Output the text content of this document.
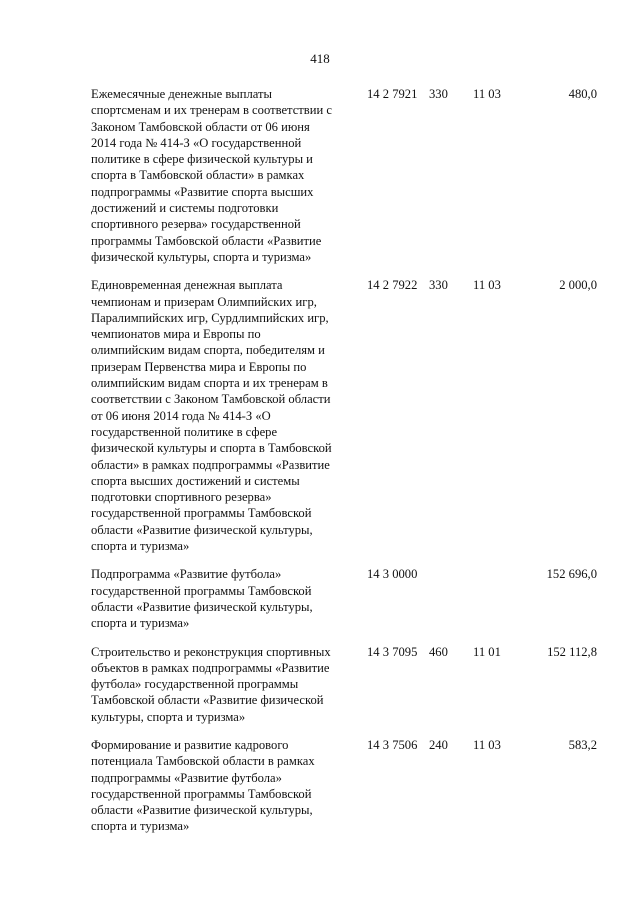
418
Ежемесячные денежные выплаты
спортсменам и их тренерам в соответствии с
Законом Тамбовской области от 06 июня
2014 года № 414-З «О государственной
политике в сфере физической культуры и
спорта в Тамбовской области» в рамках
подпрограммы «Развитие спорта высших
достижений и системы подготовки
спортивного резерва» государственной
программы Тамбовской области «Развитие
физической культуры, спорта и туризма»
14 2 7921 330 11 03	480,0
Единовременная денежная выплата
чемпионам и призерам Олимпийских игр,
Паралимпийских игр, Сурдлимпийских игр,
чемпионатов мира и Европы по
олимпийским видам спорта, победителям и
призерам Первенства мира и Европы по
олимпийским видам спорта и их тренерам в
соответствии с Законом Тамбовской области
от 06 июня 2014 года № 414-З «О
государственной политике в сфере
физической культуры и спорта в Тамбовской
области» в рамках подпрограммы «Развитие
спорта высших достижений и системы
подготовки спортивного резерва»
государственной программы Тамбовской
области «Развитие физической культуры,
спорта и туризма»
14 2 7922 330 11 03	2 000,0
Подпрограмма «Развитие футбола»
государственной программы Тамбовской
области «Развитие физической культуры,
спорта и туризма»
14 3 0000	152 696,0
Строительство и реконструкция спортивных
объектов в рамках подпрограммы «Развитие
футбола» государственной программы
Тамбовской области «Развитие физической
культуры, спорта и туризма»
14 3 7095 460 11 01	152 112,8
Формирование и развитие кадрового
потенциала Тамбовской области в рамках
подпрограммы «Развитие футбола»
государственной программы Тамбовской
области «Развитие физической культуры,
спорта и туризма»
14 3 7506 240 11 03	583,2
